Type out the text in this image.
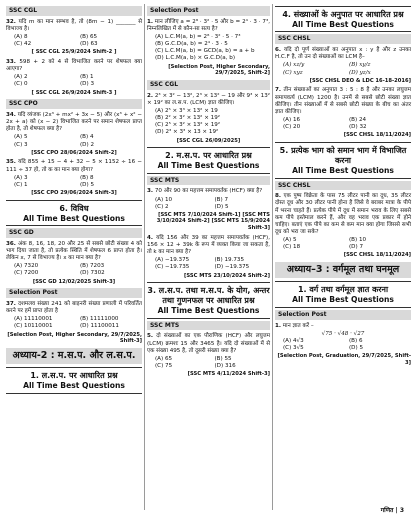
SSC CGL
32. यदि m का मान सम्भव है, तो (8m − 1) _______ से विभाज्य है।
(A) 8	(B) 65
(C) 42	(D) 63
[ SSC CGL 25/9/2024 Shift-2 ]
33. 598 + 2 को 4 से विभाजित करने पर शेषफल क्या आएगा?
(A) 2	(B) 1
(C) 0	(D) 3
[ SSC CGL 26/9/2024 Shift-3 ]
SSC CPO
34. यदि व्यंजक (2x³ + mx² + 3x − 5) और (x³ + x² − 2x + a) को (x − 2) विभाजित करने पर समान शेषफल प्राप्त होता है, तो शेषफल क्या है?
(A) 5	(B) 4
(C) 3	(D) 2
[SSC CPO 28/06/2024 Shift-2]
35. यदि 855 + 15 − 4 + 32 − 5 × 1152 ÷ 16 − 111 ÷ 37 हो, तो क का मान क्या होगा?
(A) 3	(B) 8
(C) 1	(D) 5
[SSC CPO 29/06/2024 Shift-3]
6. विविध
All Time Best Questions
SSC GD
36. अंक 8, 16, 18, 20 और 25 से सबसे छोटी संख्या 4 को भाग दिया जाता है, तो प्रत्येक स्थिति में शेषफल 6 प्राप्त होता है। लेकिन x, 7 से विभाज्य है। x का मान क्या है?
(A) 7320	(B) 7203
(C) 7200	(D) 7302
[SSC GD 12/02/2025 Shift-3]
Selection Post
37. दशमलव संख्या 241 को बाइनरी संख्या प्रणाली में परिवर्तित करने पर हमें प्राप्त होता है
(A) 11110001	(B) 11111000
(C) 10110001	(D) 11100011
[Selection Post, Higher Secondary, 29/7/2025, Shift-3]
अध्याय-2 : म.स.प. और ल.स.प.
1. ल.स.प. पर आधारित प्रश्न
All Time Best Questions
Selection Post
1. मान लीजिए a = 2⁸ · 3² · 5 और b = 2⁴ · 3 · 7³, निम्नलिखित में से कौन-सा सत्य है?
(A) L.C.M(a, b) = 2⁸ · 3² · 5 · 7³
(B) G.C.D(a, b) = 2⁴ · 3 · 5
(C) L.C.M(a, b) = GCD(a, b) = a + b
(D) L.C.M(a, b) × G.C.D(a, b)
[Selection Post, Higher Secondary, 29/7/2025, Shift-2]
SSC CGL
2. 2³ × 3² − 13², 2³ × 13² − 19 और 9³ × 13² × 19² का ल.स.प. (LCM) ज्ञात कीजिए।
(A) 2⁵ × 3³ × 13² × 19
(B) 2² × 3² × 13² × 19²
(C) 2⁵ × 3² × 13² × 19²
(D) 2³ × 3³ × 13 × 19²
[SSC CGL 26/09/2025]
2. म.स.प. पर आधारित प्रश्न
All Time Best Questions
SSC MTS
3. 70 और 90 का महत्तम समापवर्तक (HCF) क्या है?
(A) 10	(B) 7
(C) 2	(D) 5
[SSC MTS 7/10/2024 Shift-1] [SSC MTS 3/10/2024 Shift-2] [SSC MTS 15/9/2024 Shift-3]
4. यदि 156 और 39 का महत्तम समापवर्तक (HCF), 156 × 12 + 39k के रूप में व्यक्त किया जा सकता है, तो k का मान क्या है?
(A) −19.375	(B) 19.735
(C) −19.735	(D) −19.375
[SSC MTS 23/10/2024 Shift-2]
3. ल.स.प. तथा म.स.प. के योग, अन्तर तथा गुणनफल पर आधारित प्रश्न
All Time Best Questions
SSC MTS
5. दो संख्याओं का एक पौराणिक (HCF) और लघुत्तम (LCM) क्रमशः 15 और 3465 है। यदि दो संख्याओं में से एक संख्या 495 है, तो दूसरी संख्या क्या है?
(A) 65	(B) 55
(C) 75	(D) 316
[SSC MTS 4/11/2024 Shift-3]
4. संख्याओं के अनुपात पर आधारित प्रश्न
All Time Best Questions
SSC CHSL
6. यदि दो पूर्ण संख्याओं का अनुपात x : y है और z उनका H.C.F है, तो उन दो संख्याओं का LCM है–
(A) xz/y	(B) xy/z
(C) xyz	(D) yz/x
[SSC CHSL DEO & LDC 16-18-2016]
7. तीन संख्याओं का अनुपात 3 : 5 : 8 है और उनका लघुत्तम समापवर्त्य (LCM) 1200 है। उनमें से सबसे छोटी संख्या ज्ञात कीजिए। तीन संख्याओं में से सबसे छोटी संख्या के बीच का अंतर ज्ञात कीजिए।
(A) 16	(B) 24
(C) 20	(D) 32
[SSC CHSL 18/11/2024]
5. प्रत्येक भाग को समान भाग में विभाजित करना
All Time Best Questions
SSC CHSL
8. एक पुष्प विक्रेता के पास 75 लीटर पानी का दूध, 35 लीटर दोस्त दूध और 30 लीटर पानी होना है जिसे वे बराबर मात्रा के पीपे में भरना चाहते हैं। प्रत्येक पीपे में दूध में समान भराव के लिए सबसे कम पीपे इस्तेमाल करने हैं, और वह भराव एक प्रकार में होने चाहिए। बताएं एक पीपे का कम से कम मान क्या होगा जिससे सभी दूध को भरा जा सके?
(A) 5	(B) 10
(C) 18	(D) 7
[SSC CHSL 18/11/2024]
अध्याय–3 : वर्गमूल तथा घनमूल
1. वर्ग तथा वर्गमूल ज्ञात करना
All Time Best Questions
Selection Post
1. मान ज्ञात करें –
√75 · √48 · √27
(A) 4√3	(B) 6
(C) 3√5	(D) 5
[Selection Post, Graduation, 29/7/2025, Shift-3]
गणित | 3
